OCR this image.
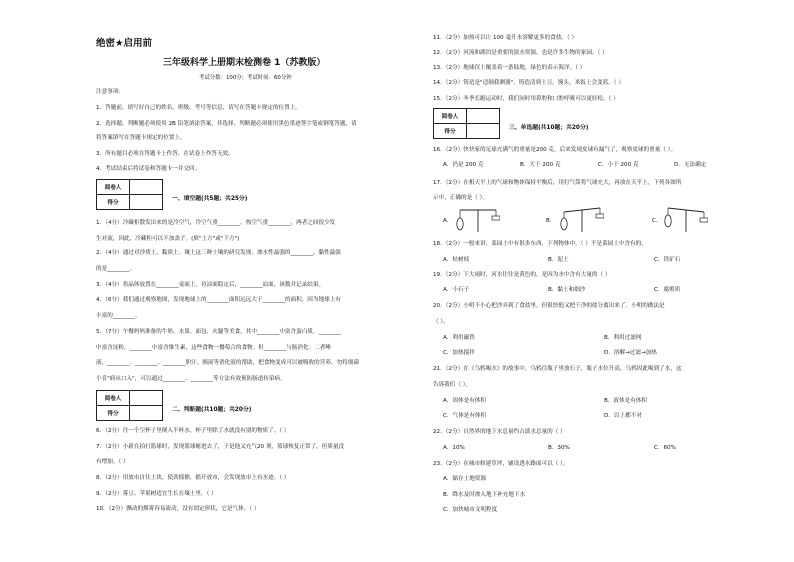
绝密★启用前
三年级科学上册期末检测卷 1（苏教版）
考试分数：100分；考试时间：60分钟
注意事项：
1．答题前，填写好自己的姓名、班级、考号等信息，请写在答题卡规定的位置上。
2．选择题、判断题必须使用 2B 铅笔填涂答案，非选择、判断题必须使用黑色墨迹签字笔或钢笔答题，请
将答案填写在答题卡规定的位置上。
3．所有题目必须在答题卡上作答，在试卷上作答无效。
4．考试结束后将试卷和答题卡一并交回。
阅卷人	
得分	
一、填空题(共5题；共25分)
1．（4分）冷藏柜散发出来的是冷空气，冷空气重________，热空气重________，两者之间很少发
生对流，因此，冷藏柜可以不加盖子。(填"上方"或"下方")
2．（4分）通过对沙质土、黏质土、壤土这三种土壤的研究发现，渗水性最强的________，黏性最强
的是________。
3．（4分）将晶体放置在________桌面上，待凉面稳定后，________凉面，该数并记录结果。
4．（6分）我们通过观察地图，发现地球上的________面积远远大于________的面积，因为地球上有
丰富的________。
5．（7分）午餐妈妈准备的牛奶、水果、面包、火腿等美食，其中________中富含蛋白质，________
中富含淀粉，________中富含维生素，这些食物一餐萄合的食物。但________与肠消化：二者唾
液、________、________、________胆汁、胰液等消化液的帮助，把食物变成可以被吸收的营养，勿将细菌
小肯"病从口入"，可以通过________、________等方法有效预防肠道传染病。
阅卷人	
得分	
二、判断题(共10题；共20分)
6．（2分）往一个空杯子里倒入半杯水，杯子里除了水就没有别的物质了。（ ）
7．（2分）小新在拍打篮球时，发现篮球瘪进去了，于是他又充气20 剂，篮球恢复正常了，但质量没
有增加。（ ）
8．（2分）用放市自往土块，使劲摇擦，摇开放市，会发现放市上有水迹。（ ）
9．（2分）雾豆、苹果树适宜生长在壤土里。（ ）
10．（2分）飘动的烟雾容易流动，没有固定形状，它是气体。（ ）
11．（2分）加热可以让 100 毫升水溶解更多的食盐。（ ）
12．（2分）河流和湖泊是重要的淡水资源，也是许多生物的家园。（ ）
13．（2分）地球仅上覆盖着一条陆地，绿色的表示海洋。（ ）
14．（2分）铸造是"适制我测器"，铸造清到土豆，馒头，米饭上会变蓝。（ ）
15．（2分）冬季长跑运动时，我们同时用鼻腔和口腔呼吸可以更轻松。（ ）
阅卷人	
得分	
三、单选题(共10题；共20分)
16．（2分）快快家的足球充满气的重量是200 克，后来发现皮球有漏气了，观察皮球的重量（ ）。
A．仍是 200 克	B．大于 200 克	C．小于 200 克	D．无法确定
17．（2分）在相天平上的气球和物体保持平衡后，用打气筒将气球充大，再放在天平上，下列各图所
示中，正确的是（ ）。
A．	B．	C．
18．（2分）一般来讲，菜园土中有很多东西，下列物体中，（ ）不是菜园土中含有的。
A．枯树枝	B．泥土	C．铁矿石
19．（2分）下大雨时，河水往往是黄色的，是因为水中含有大量的（ ）
A．小石子	B．黏土和细沙	C．腐殖质
20．（2分）小明不小心把沙弄到了食盐里，但很快他又把干净的盐分离出来了。小明的做法是
（ ）。
A．利用磁铁	B．利用过滤网
C．加热搅拌	D．溶解→过滤→加热
21．（2分）在《乌鸦喝水》的故事中，乌鸦往瓶子里放石子，瓶子水位升高，乌鸦因此喝到了水，这
告诉我们（ ）。
A．固体是有体积	B．液体是有体积
C．气体是有体积	D．以上都不对
22．（2分）自然界的地下水总量约占淡水总量的（ ）
A．10%	B．30%	C．60%
23．（2分）在城市修建草坪，铺设透水路面可以（ ）。
A．储存土地资源
B．降水及时渗入地下补充地下水
C．加快城市文明程度
